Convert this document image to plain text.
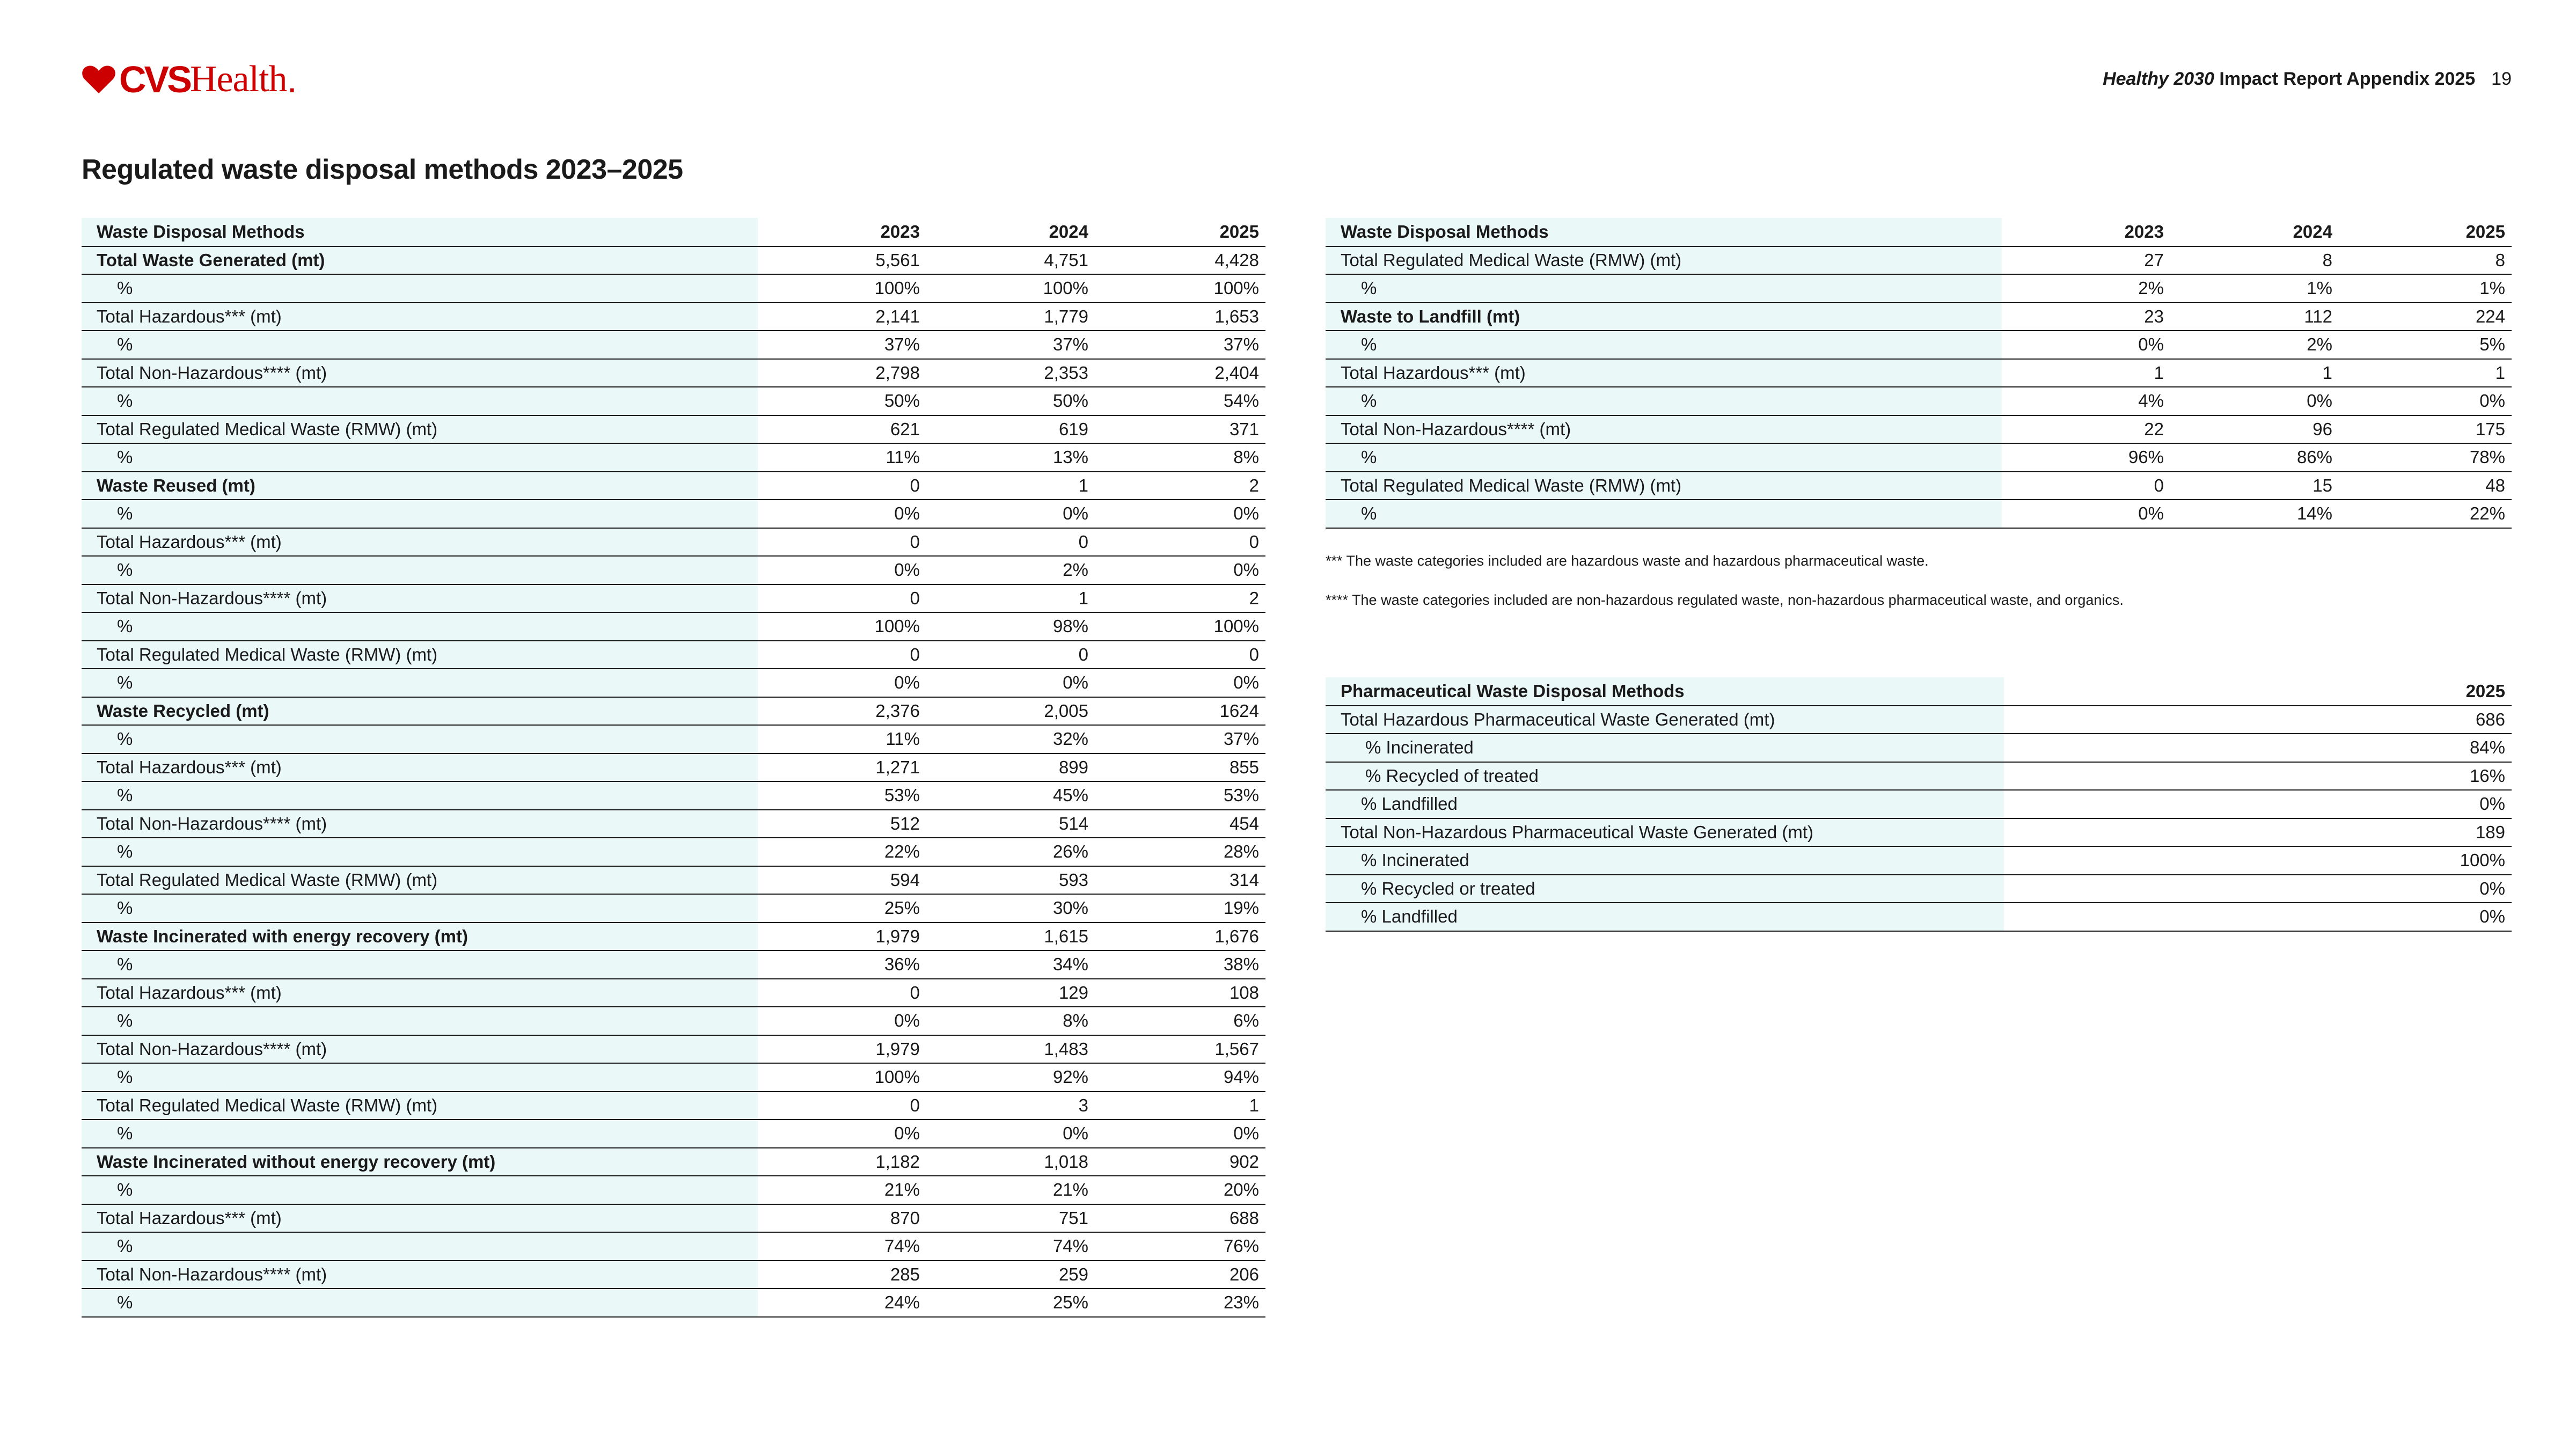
CVS Health .	Healthy 2030 Impact Report Appendix 2025 19
Regulated waste disposal methods 2023–2025
Waste Disposal Methods	2023	2024	2025
Total Waste Generated (mt)	5,561	4,751	4,428
%	100%	100%	100%
Total Hazardous*** (mt)	2,141	1,779	1,653
%	37%	37%	37%
Total Non-Hazardous**** (mt)	2,798	2,353	2,404
%	50%	50%	54%
Total Regulated Medical Waste (RMW) (mt)	621	619	371
%	11%	13%	8%
Waste Reused (mt)	0	1	2
%	0%	0%	0%
Total Hazardous*** (mt)	0	0	0
%	0%	2%	0%
Total Non-Hazardous**** (mt)	0	1	2
%	100%	98%	100%
Total Regulated Medical Waste (RMW) (mt)	0	0	0
%	0%	0%	0%
Waste Recycled (mt)	2,376	2,005	1624
%	11%	32%	37%
Total Hazardous*** (mt)	1,271	899	855
%	53%	45%	53%
Total Non-Hazardous**** (mt)	512	514	454
%	22%	26%	28%
Total Regulated Medical Waste (RMW) (mt)	594	593	314
%	25%	30%	19%
Waste Incinerated with energy recovery (mt)	1,979	1,615	1,676
%	36%	34%	38%
Total Hazardous*** (mt)	0	129	108
%	0%	8%	6%
Total Non-Hazardous**** (mt)	1,979	1,483	1,567
%	100%	92%	94%
Total Regulated Medical Waste (RMW) (mt)	0	3	1
%	0%	0%	0%
Waste Incinerated without energy recovery (mt)	1,182	1,018	902
%	21%	21%	20%
Total Hazardous*** (mt)	870	751	688
%	74%	74%	76%
Total Non-Hazardous**** (mt)	285	259	206
%	24%	25%	23%
Waste Disposal Methods	2023	2024	2025
Total Regulated Medical Waste (RMW) (mt)	27	8	8
%	2%	1%	1%
Waste to Landfill (mt)	23	112	224
%	0%	2%	5%
Total Hazardous*** (mt)	1	1	1
%	4%	0%	0%
Total Non-Hazardous**** (mt)	22	96	175
%	96%	86%	78%
Total Regulated Medical Waste (RMW) (mt)	0	15	48
%	0%	14%	22%
*** The waste categories included are hazardous waste and hazardous pharmaceutical waste.
**** The waste categories included are non-hazardous regulated waste, non-hazardous pharmaceutical waste, and organics.
Pharmaceutical Waste Disposal Methods	2025
Total Hazardous Pharmaceutical Waste Generated (mt)	686
% Incinerated	84%
% Recycled of treated	16%
% Landfilled	0%
Total Non-Hazardous Pharmaceutical Waste Generated (mt)	189
% Incinerated	100%
% Recycled or treated	0%
% Landfilled	0%
